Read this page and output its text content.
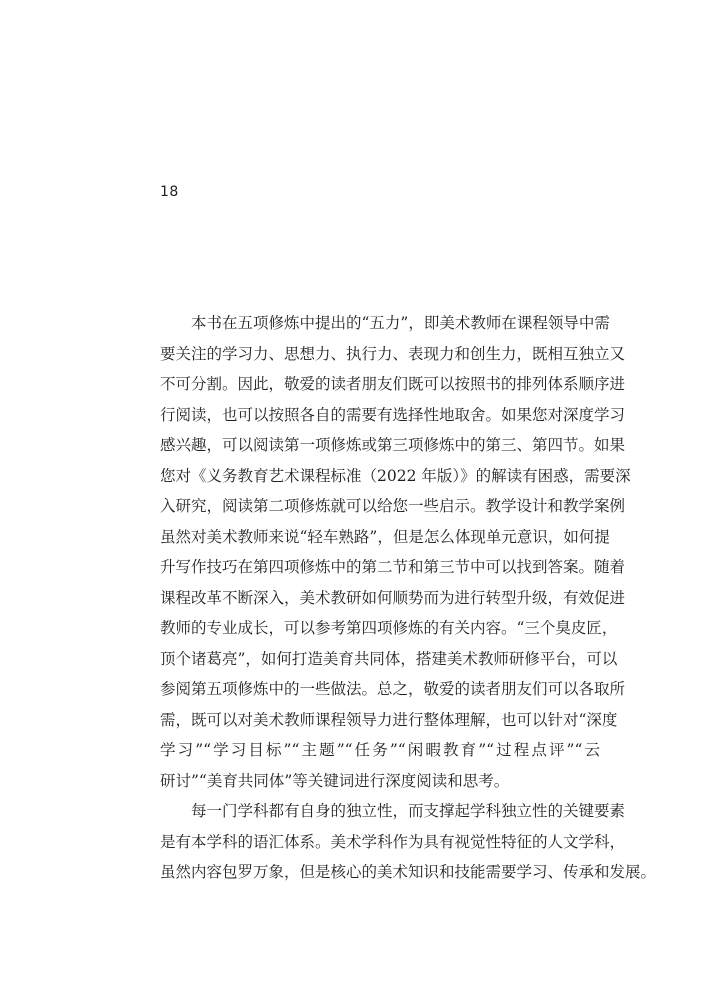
18
本书在五项修炼中提出的“五力”，即美术教师在课程领导中需
要关注的学习力、思想力、执行力、表现力和创生力，既相互独立又
不可分割。因此，敬爱的读者朋友们既可以按照书的排列体系顺序进
行阅读，也可以按照各自的需要有选择性地取舍。如果您对深度学习
感兴趣，可以阅读第一项修炼或第三项修炼中的第三、第四节。如果
您对《义务教育艺术课程标准（2022 年版）》的解读有困惑，需要深
入研究，阅读第二项修炼就可以给您一些启示。教学设计和教学案例
虽然对美术教师来说“轻车熟路”，但是怎么体现单元意识，如何提
升写作技巧在第四项修炼中的第二节和第三节中可以找到答案。随着
课程改革不断深入，美术教研如何顺势而为进行转型升级，有效促进
教师的专业成长，可以参考第四项修炼的有关内容。“三个臭皮匠，
顶个诸葛亮”，如何打造美育共同体，搭建美术教师研修平台，可以
参阅第五项修炼中的一些做法。总之，敬爱的读者朋友们可以各取所
需，既可以对美术教师课程领导力进行整体理解，也可以针对“深度
学习”“学习目标”“主题”“任务”“闲暇教育”“过程点评”“云
研讨”“美育共同体”等关键词进行深度阅读和思考。
每一门学科都有自身的独立性，而支撑起学科独立性的关键要素
是有本学科的语汇体系。美术学科作为具有视觉性特征的人文学科，
虽然内容包罗万象，但是核心的美术知识和技能需要学习、传承和发展。
